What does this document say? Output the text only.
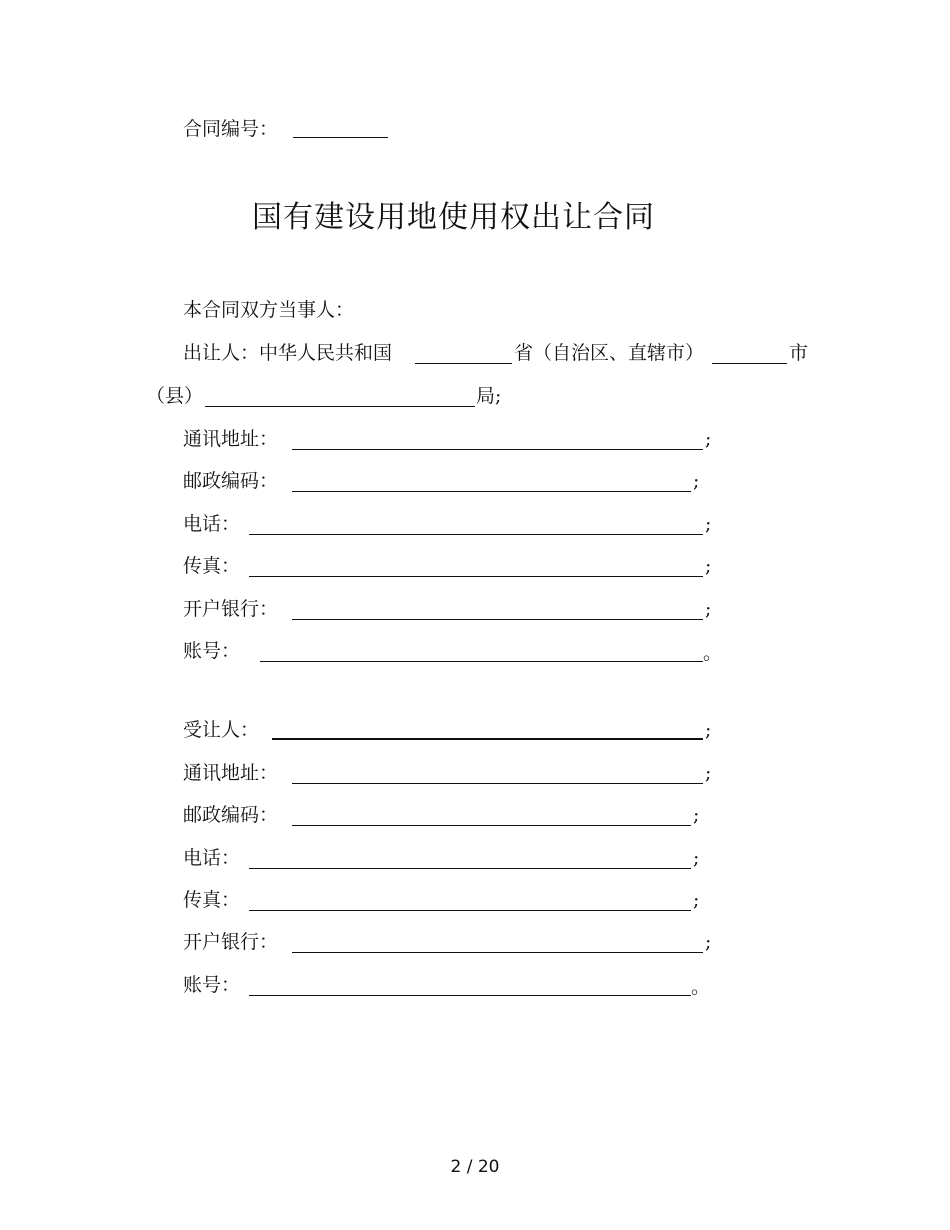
合同编号：
国有建设用地使用权出让合同
本合同双方当事人：
出让人：中华人民共和国	省（自治区、直辖市）	市
（县）	局;
通讯地址：	;
邮政编码：	;
电话：	;
传真：	;
开户银行：	;
账号：	。
受让人：	;
通讯地址：	;
邮政编码：	;
电话：	;
传真：	;
开户银行：	;
账号：	。
2 / 20
